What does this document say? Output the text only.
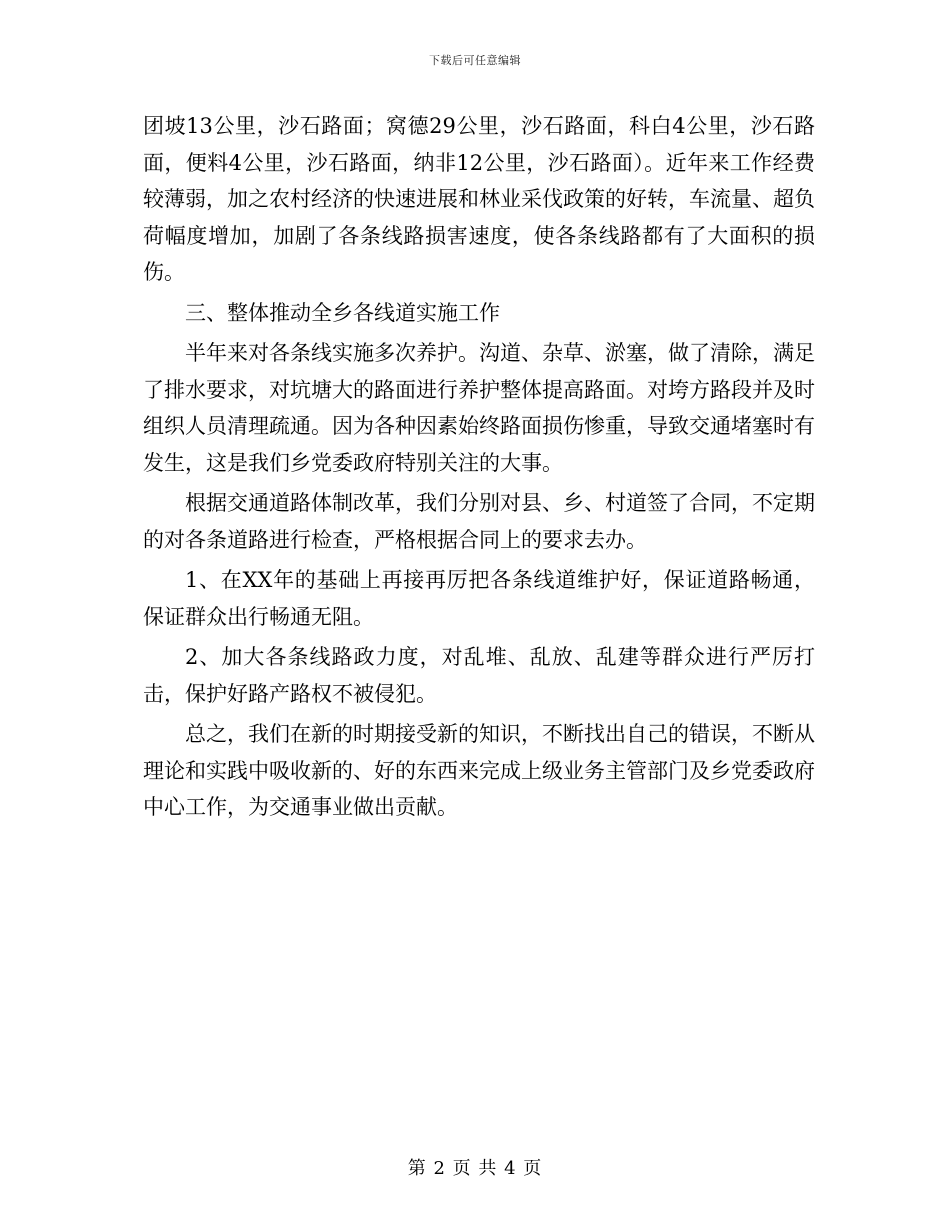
下载后可任意编辑

团坡13公里，沙石路面；窝德29公里，沙石路面，科白4公里，沙石路面，便料4公里，沙石路面，纳非12公里，沙石路面）。近年来工作经费较薄弱，加之农村经济的快速进展和林业采伐政策的好转，车流量、超负荷幅度增加，加剧了各条线路损害速度，使各条线路都有了大面积的损伤。

三、整体推动全乡各线道实施工作

半年来对各条线实施多次养护。沟道、杂草、淤塞，做了清除，满足了排水要求，对坑塘大的路面进行养护整体提高路面。对垮方路段并及时组织人员清理疏通。因为各种因素始终路面损伤惨重，导致交通堵塞时有发生，这是我们乡党委政府特别关注的大事。

根据交通道路体制改革，我们分别对县、乡、村道签了合同，不定期的对各条道路进行检查，严格根据合同上的要求去办。

1、在XX年的基础上再接再厉把各条线道维护好，保证道路畅通，保证群众出行畅通无阻。

2、加大各条线路政力度，对乱堆、乱放、乱建等群众进行严厉打击，保护好路产路权不被侵犯。

总之，我们在新的时期接受新的知识，不断找出自己的错误，不断从理论和实践中吸收新的、好的东西来完成上级业务主管部门及乡党委政府中心工作，为交通事业做出贡献。

第 2 页 共 4 页
